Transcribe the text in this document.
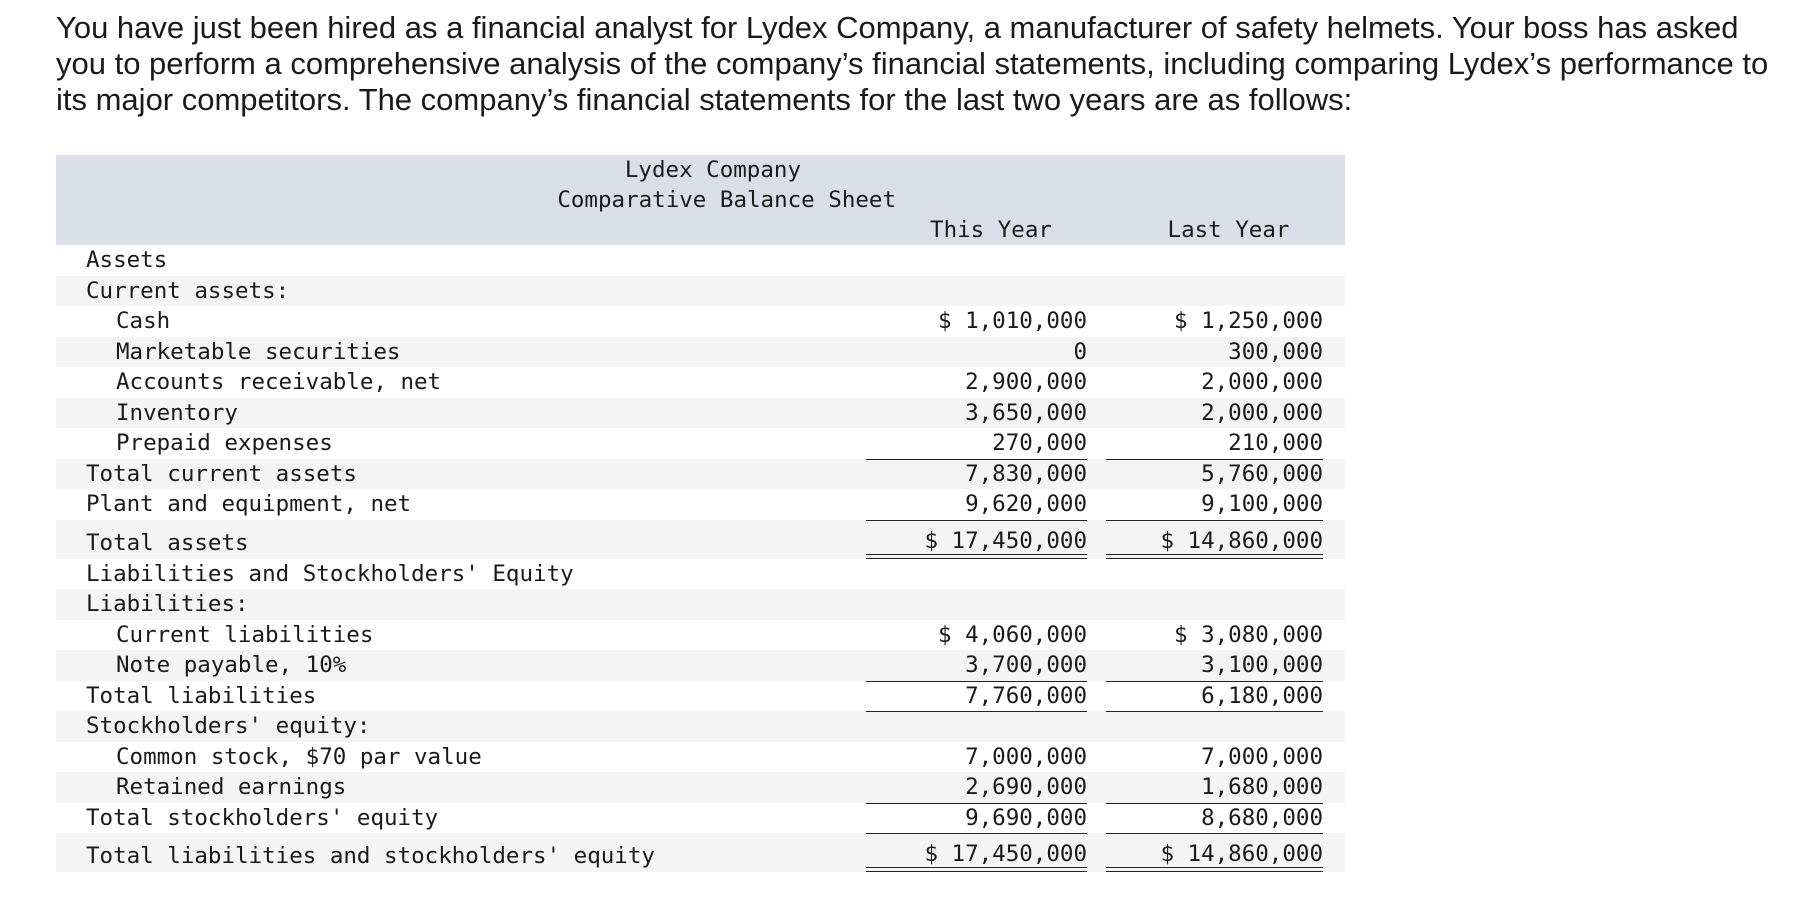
You have just been hired as a financial analyst for Lydex Company, a manufacturer of safety helmets. Your boss has asked you to perform a comprehensive analysis of the company’s financial statements, including comparing Lydex’s performance to its major competitors. The company’s financial statements for the last two years are as follows:

Lydex Company
Comparative Balance Sheet
This Year	Last Year
Assets
Current assets:
Cash	$ 1,010,000	$ 1,250,000
Marketable securities	0	300,000
Accounts receivable, net	2,900,000	2,000,000
Inventory	3,650,000	2,000,000
Prepaid expenses	270,000	210,000
Total current assets	7,830,000	5,760,000
Plant and equipment, net	9,620,000	9,100,000
Total assets	$ 17,450,000	$ 14,860,000
Liabilities and Stockholders' Equity
Liabilities:
Current liabilities	$ 4,060,000	$ 3,080,000
Note payable, 10%	3,700,000	3,100,000
Total liabilities	7,760,000	6,180,000
Stockholders' equity:
Common stock, $70 par value	7,000,000	7,000,000
Retained earnings	2,690,000	1,680,000
Total stockholders' equity	9,690,000	8,680,000
Total liabilities and stockholders' equity	$ 17,450,000	$ 14,860,000
